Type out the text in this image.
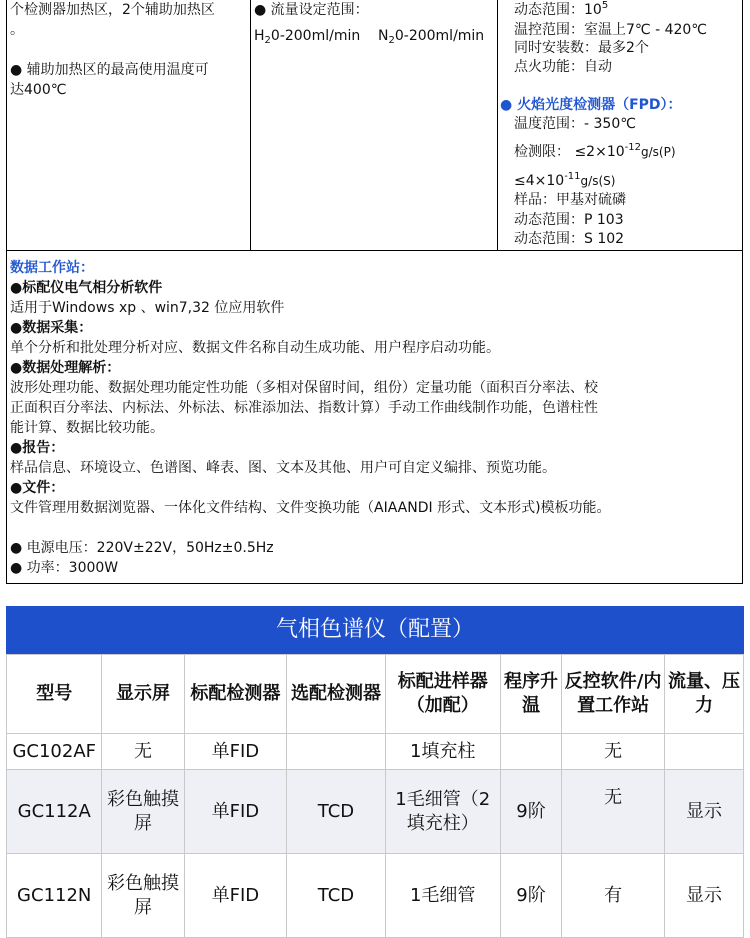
个检测器加热区，2个辅助加热区
。
● 辅助加热区的最高使用温度可
达400℃
● 流量设定范围：
$H_20-200ml/\min$ $N_20-200ml/\min$
动态范围：$10^5$
温控范围：室温上7℃ - 420℃
同时安装数：最多2个
点火功能：自动
● 火焰光度检测器（FPD）：
温度范围：- 350℃
检测限： $\le 2\times 10^{-12}g/s(P)$
$\le 4\times 10^{-11}g/s(S)$
样品：甲基对硫磷
动态范围：P 103
动态范围：S 102
数据工作站：
●标配仪电气相分析软件
适用于Windows xp 、win7,32 位应用软件
●数据采集：
单个分析和批处理分析对应、数据文件名称自动生成功能、用户程序启动功能。
●数据处理解析：
波形处理功能、数据处理功能定性功能（多相对保留时间，组份）定量功能（面积百分率法、校
正面积百分率法、内标法、外标法、标准添加法、指数计算）手动工作曲线制作功能，色谱柱性
能计算、数据比较功能。
●报告：
样品信息、环境设立、色谱图、峰表、图、文本及其他、用户可自定义编排、预览功能。
●文件：
文件管理用数据浏览器、一体化文件结构、文件变换功能（AIAANDI 形式、文本形式)模板功能。
● 电源电压：220V±22V，50Hz±0.5Hz
● 功率：3000W
气相色谱仪（配置）
型号	显示屏	标配检测器	选配检测器	标配进样器（加配）	程序升温	反控软件/内置工作站	流量、压力
GC102AF	无	单FID		1填充柱		无	
GC112A	彩色触摸屏	单FID	TCD	1毛细管（2填充柱）	9阶	无	显示
GC112N	彩色触摸屏	单FID	TCD	1毛细管	9阶	有	显示
